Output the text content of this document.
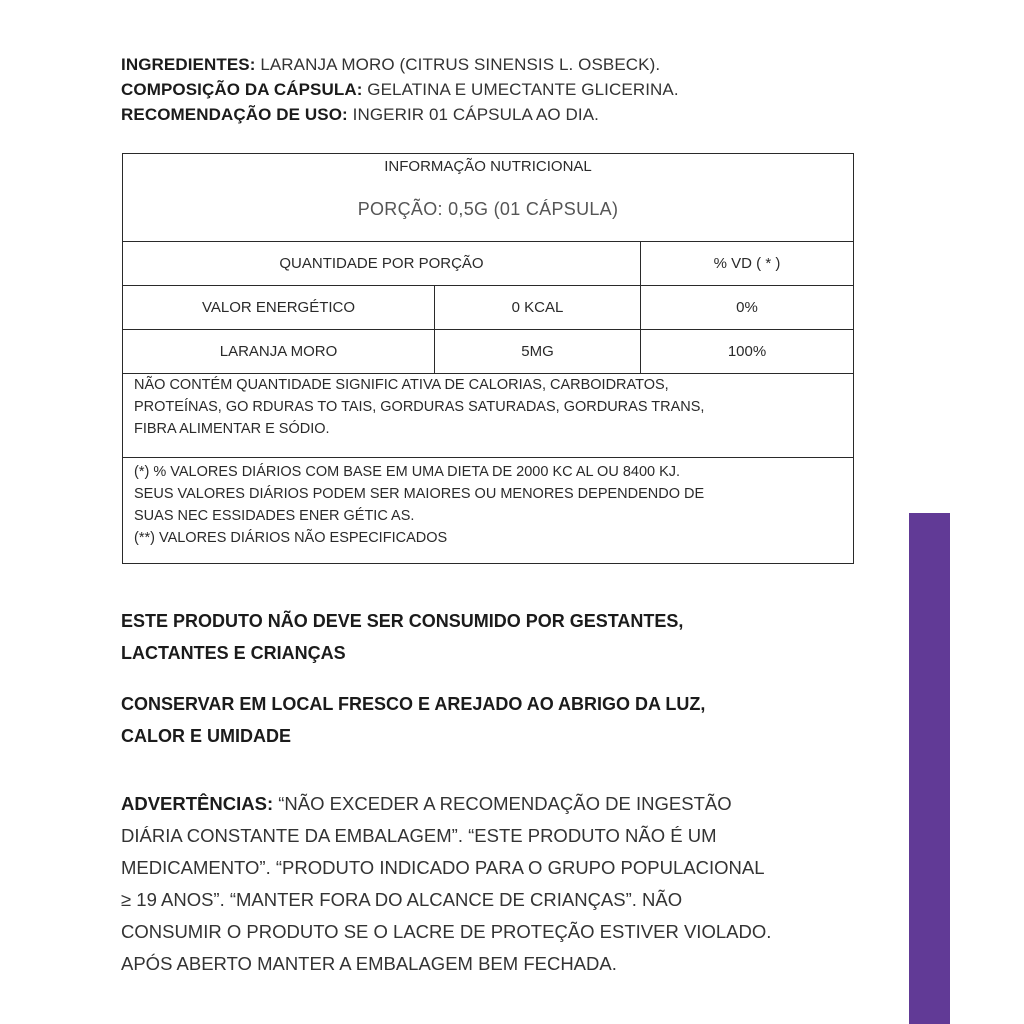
INGREDIENTES: LARANJA MORO (CITRUS SINENSIS L. OSBECK).
COMPOSIÇÃO DA CÁPSULA: GELATINA E UMECTANTE GLICERINA.
RECOMENDAÇÃO DE USO: INGERIR 01 CÁPSULA AO DIA.
INFORMAÇÃO NUTRICIONAL
PORÇÃO: 0,5G (01 CÁPSULA)
QUANTIDADE POR PORÇÃO	% VD ( * )
VALOR ENERGÉTICO	0 KCAL	0%
LARANJA MORO	5MG	100%
NÃO CONTÉM QUANTIDADE SIGNIFIC ATIVA DE CALORIAS, CARBOIDRATOS,
PROTEÍNAS, GO RDURAS TO TAIS, GORDURAS SATURADAS, GORDURAS TRANS,
FIBRA ALIMENTAR E SÓDIO.
(*) % VALORES DIÁRIOS COM BASE EM UMA DIETA DE 2000 KC AL OU 8400 KJ.
SEUS VALORES DIÁRIOS PODEM SER MAIORES OU MENORES DEPENDENDO DE
SUAS NEC ESSIDADES ENER GÉTIC AS.
(**) VALORES DIÁRIOS NÃO ESPECIFICADOS
ESTE PRODUTO NÃO DEVE SER CONSUMIDO POR GESTANTES,
LACTANTES E CRIANÇAS
CONSERVAR EM LOCAL FRESCO E AREJADO AO ABRIGO DA LUZ,
CALOR E UMIDADE
ADVERTÊNCIAS: “NÃO EXCEDER A RECOMENDAÇÃO DE INGESTÃO
DIÁRIA CONSTANTE DA EMBALAGEM”. “ESTE PRODUTO NÃO É UM
MEDICAMENTO”. “PRODUTO INDICADO PARA O GRUPO POPULACIONAL
≥ 19 ANOS”. “MANTER FORA DO ALCANCE DE CRIANÇAS”. NÃO
CONSUMIR O PRODUTO SE O LACRE DE PROTEÇÃO ESTIVER VIOLADO.
APÓS ABERTO MANTER A EMBALAGEM BEM FECHADA.
